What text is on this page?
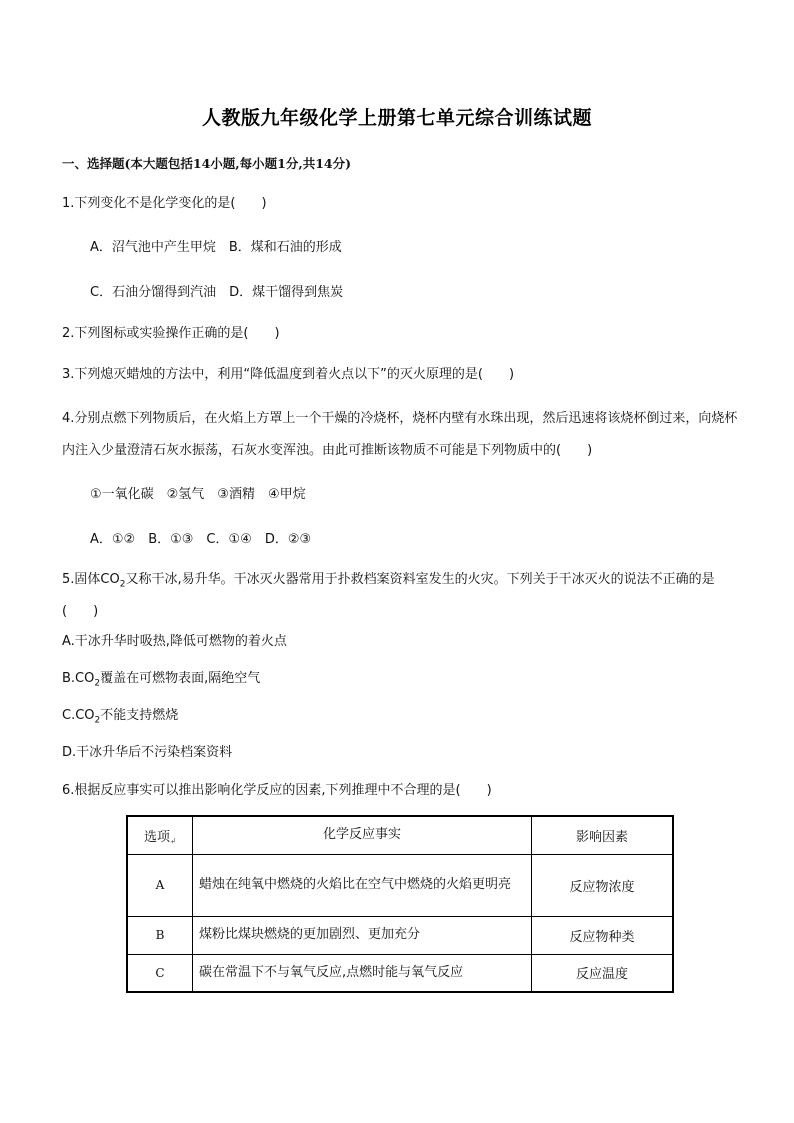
人教版九年级化学上册第七单元综合训练试题
一、选择题(本大题包括14小题,每小题1分,共14分)
1.下列变化不是化学变化的是(　　)
A．沼气池中产生甲烷　B．煤和石油的形成
C．石油分馏得到汽油　D．煤干馏得到焦炭
2.下列图标或实验操作正确的是(　　)
3.下列熄灭蜡烛的方法中，利用“降低温度到着火点以下”的灭火原理的是(　　)
4.分别点燃下列物质后，在火焰上方罩上一个干燥的冷烧杯，烧杯内壁有水珠出现，然后迅速将该烧杯倒过来，向烧杯内注入少量澄清石灰水振荡，石灰水变浑浊。由此可推断该物质不可能是下列物质中的(　　)
①一氧化碳　②氢气　③酒精　④甲烷
A．①②　B．①③　C．①④　D．②③
5.固体$CO_2$又称干冰,易升华。干冰灭火器常用于扑救档案资料室发生的火灾。下列关于干冰灭火的说法不正确的是(　　)
A.干冰升华时吸热,降低可燃物的着火点
$B.CO_2$覆盖在可燃物表面,隔绝空气
$C.CO_2$不能支持燃烧
D.干冰升华后不污染档案资料
6.根据反应事实可以推出影响化学反应的因素,下列推理中不合理的是(　　)
选项↲	化学反应事实	影响因素
A	蜡烛在纯氧中燃烧的火焰比在空气中燃烧的火焰更明亮	反应物浓度
B	煤粉比煤块燃烧的更加剧烈、更加充分	反应物种类
C	碳在常温下不与氧气反应,点燃时能与氧气反应	反应温度
